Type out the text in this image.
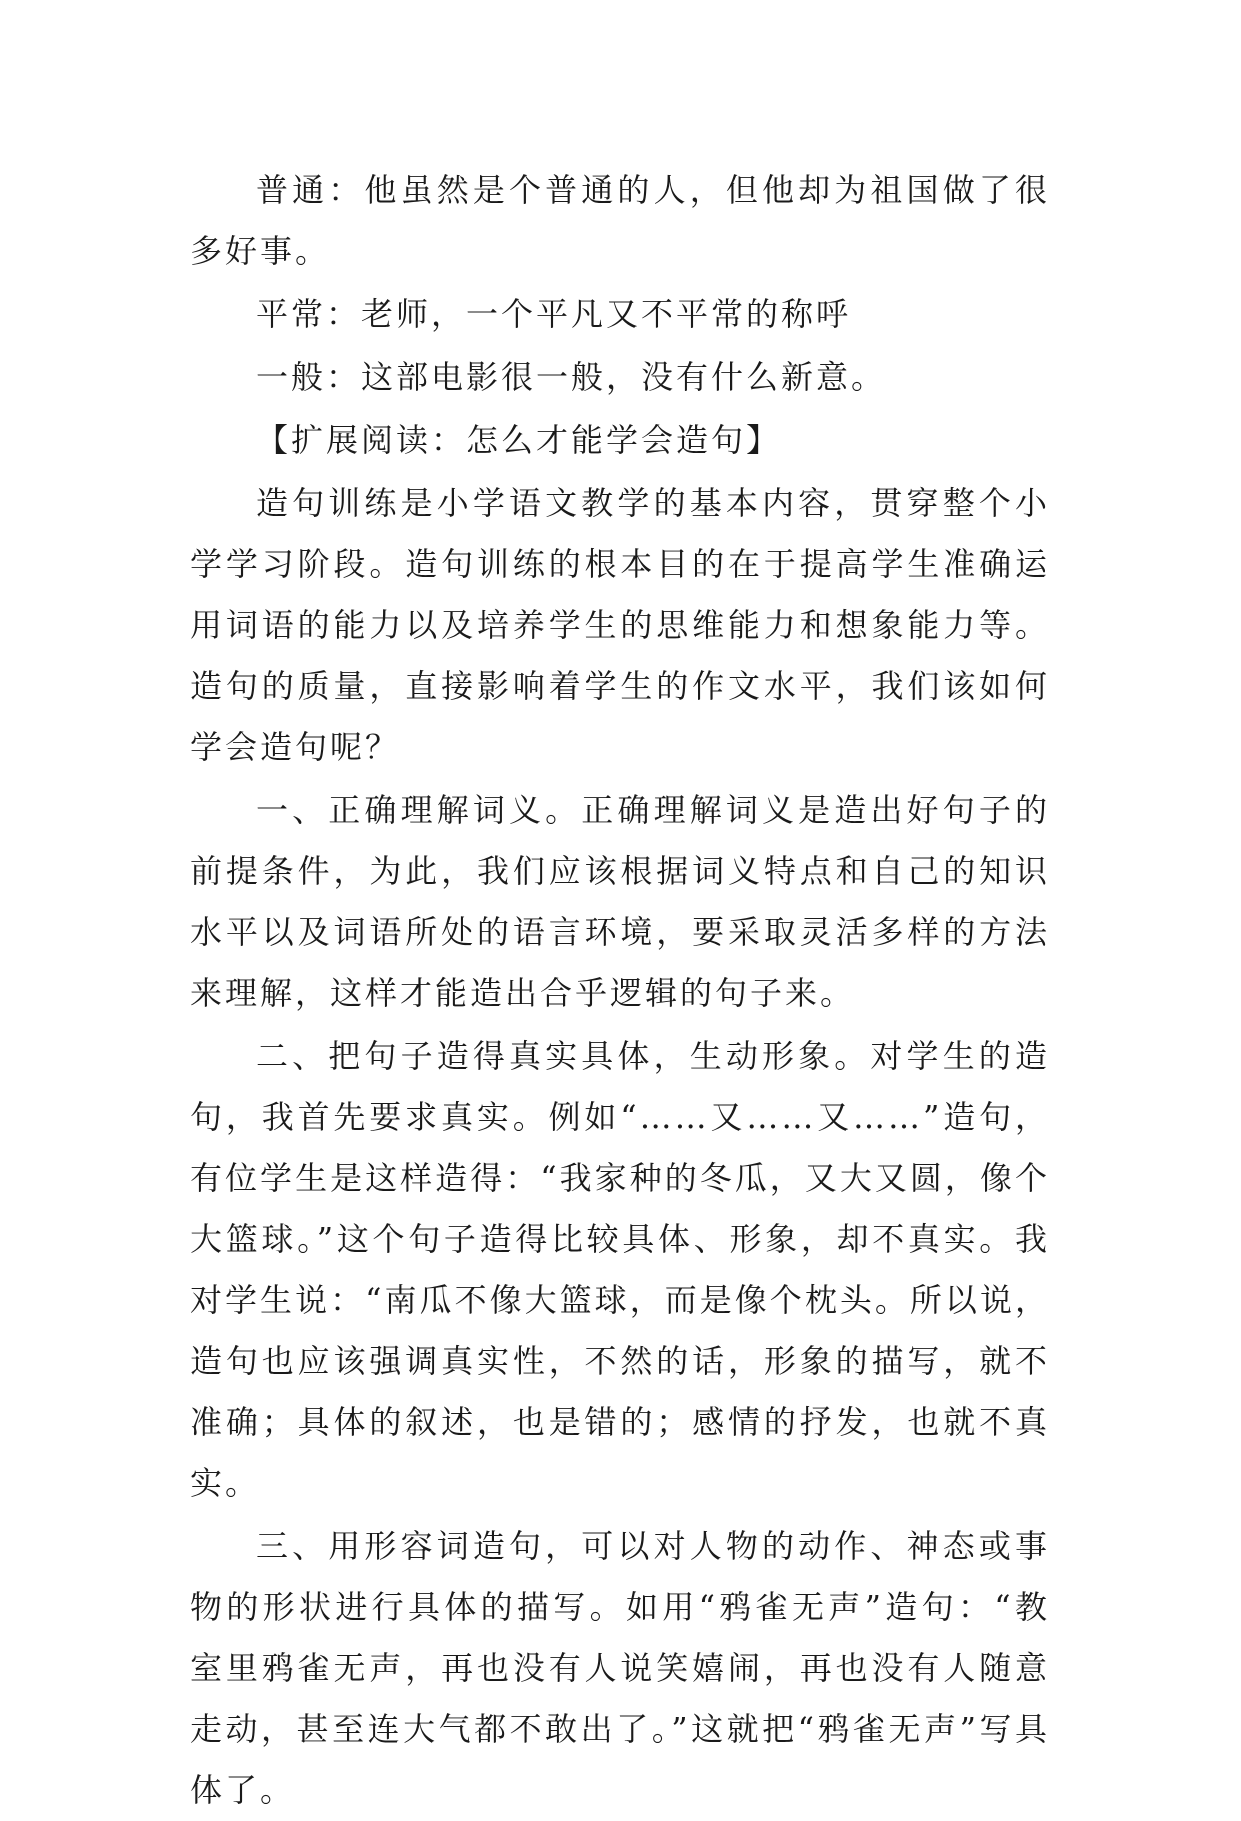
普通：他虽然是个普通的人，但他却为祖国做了很多好事。

平常：老师，一个平凡又不平常的称呼

一般：这部电影很一般，没有什么新意。

【扩展阅读：怎么才能学会造句】

造句训练是小学语文教学的基本内容，贯穿整个小学学习阶段。造句训练的根本目的在于提高学生准确运用词语的能力以及培养学生的思维能力和想象能力等。造句的质量，直接影响着学生的作文水平，我们该如何学会造句呢？

一、正确理解词义。正确理解词义是造出好句子的前提条件，为此，我们应该根据词义特点和自己的知识水平以及词语所处的语言环境，要采取灵活多样的方法来理解，这样才能造出合乎逻辑的句子来。

二、把句子造得真实具体，生动形象。对学生的造句，我首先要求真实。例如“……又……又……”造句，有位学生是这样造得：“我家种的冬瓜，又大又圆，像个大篮球。”这个句子造得比较具体、形象，却不真实。我对学生说：“南瓜不像大篮球，而是像个枕头。所以说，造句也应该强调真实性，不然的话，形象的描写，就不准确；具体的叙述，也是错的；感情的抒发，也就不真实。

三、用形容词造句，可以对人物的动作、神态或事物的形状进行具体的描写。如用“鸦雀无声”造句：“教室里鸦雀无声，再也没有人说笑嬉闹，再也没有人随意走动，甚至连大气都不敢出了。”这就把“鸦雀无声”写具体了。
